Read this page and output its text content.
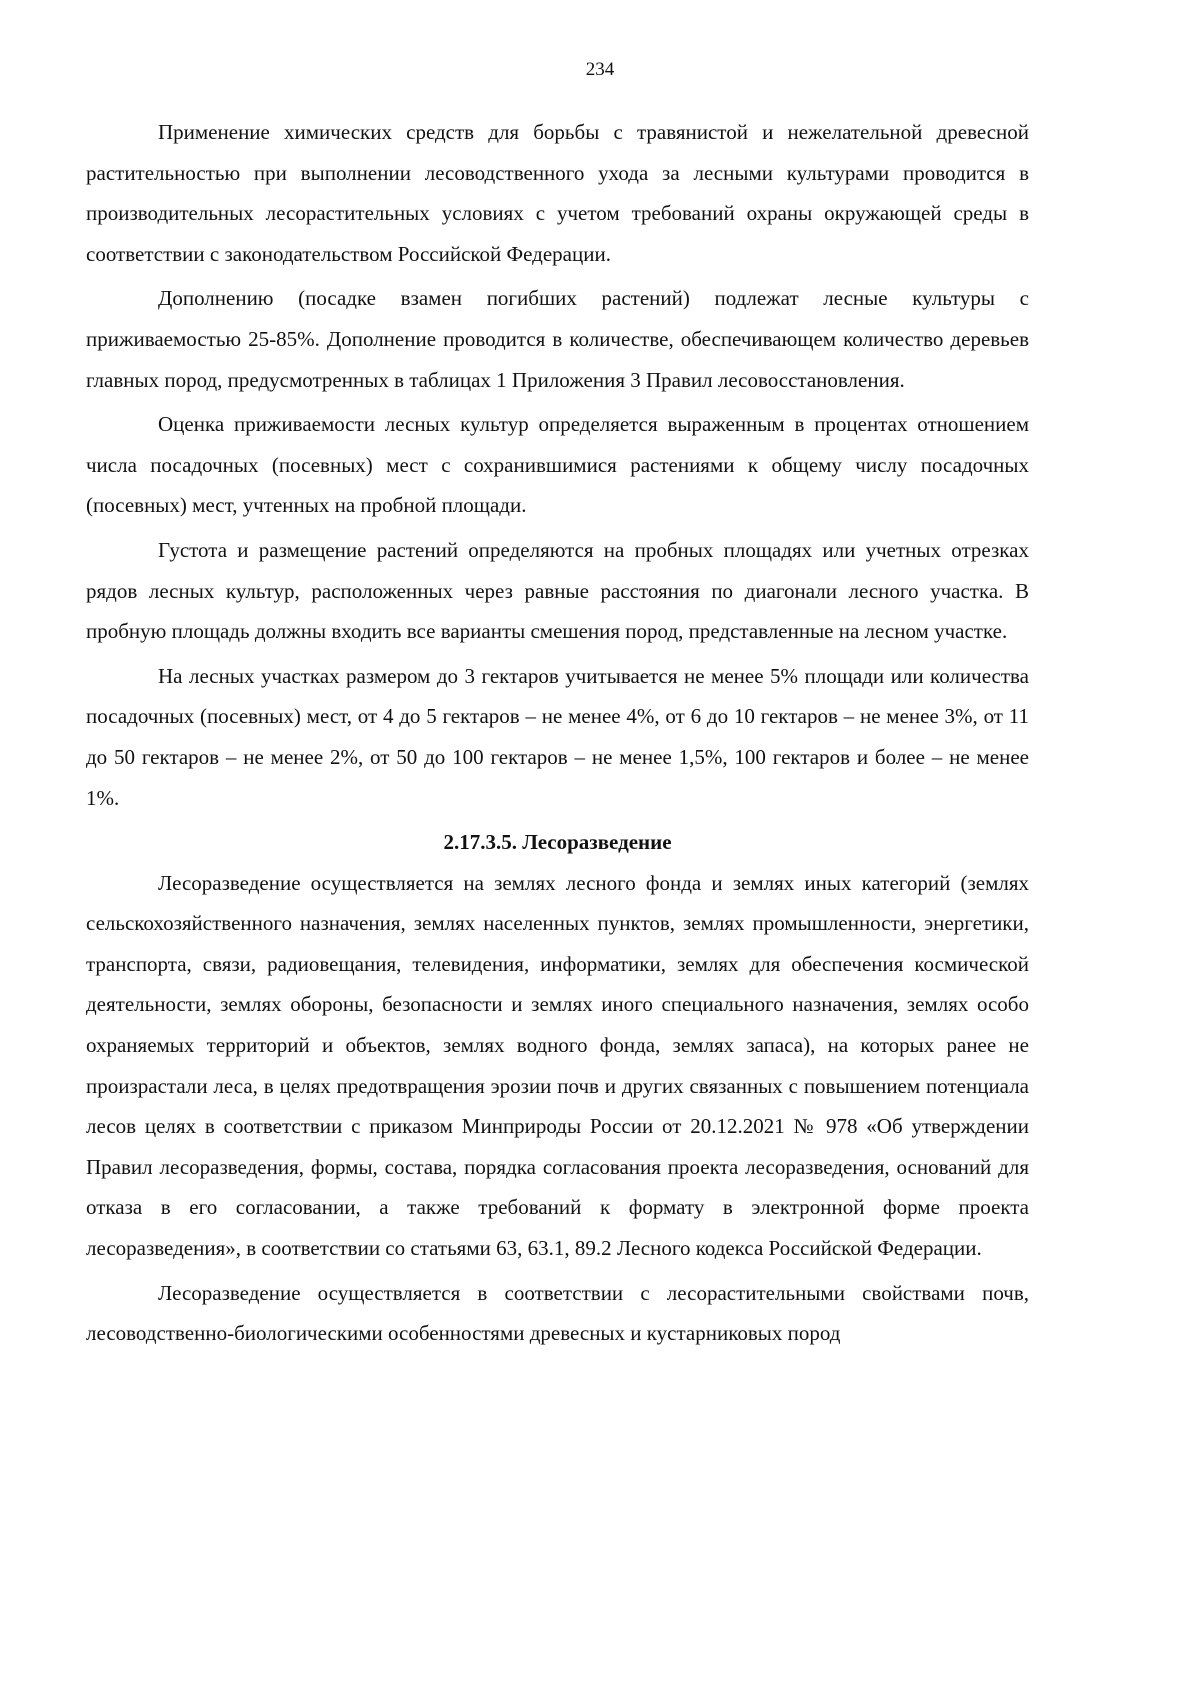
234

Применение химических средств для борьбы с травянистой и нежелательной древесной растительностью при выполнении лесоводственного ухода за лесными культурами проводится в производительных лесорастительных условиях с учетом требований охраны окружающей среды в соответствии с законодательством Российской Федерации.

Дополнению (посадке взамен погибших растений) подлежат лесные культуры с приживаемостью 25-85%. Дополнение проводится в количестве, обеспечивающем количество деревьев главных пород, предусмотренных в таблицах 1 Приложения 3 Правил лесовосстановления.

Оценка приживаемости лесных культур определяется выраженным в процентах отношением числа посадочных (посевных) мест с сохранившимися растениями к общему числу посадочных (посевных) мест, учтенных на пробной площади.

Густота и размещение растений определяются на пробных площадях или учетных отрезках рядов лесных культур, расположенных через равные расстояния по диагонали лесного участка. В пробную площадь должны входить все варианты смешения пород, представленные на лесном участке.

На лесных участках размером до 3 гектаров учитывается не менее 5% площади или количества посадочных (посевных) мест, от 4 до 5 гектаров – не менее 4%, от 6 до 10 гектаров – не менее 3%, от 11 до 50 гектаров – не менее 2%, от 50 до 100 гектаров – не менее 1,5%, 100 гектаров и более – не менее 1%.

2.17.3.5. Лесоразведение

Лесоразведение осуществляется на землях лесного фонда и землях иных категорий (землях сельскохозяйственного назначения, землях населенных пунктов, землях промышленности, энергетики, транспорта, связи, радиовещания, телевидения, информатики, землях для обеспечения космической деятельности, землях обороны, безопасности и землях иного специального назначения, землях особо охраняемых территорий и объектов, землях водного фонда, землях запаса), на которых ранее не произрастали леса, в целях предотвращения эрозии почв и других связанных с повышением потенциала лесов целях в соответствии с приказом Минприроды России от 20.12.2021 № 978 «Об утверждении Правил лесоразведения, формы, состава, порядка согласования проекта лесоразведения, оснований для отказа в его согласовании, а также требований к формату в электронной форме проекта лесоразведения», в соответствии со статьями 63, 63.1, 89.2 Лесного кодекса Российской Федерации.

Лесоразведение осуществляется в соответствии с лесорастительными свойствами почв, лесоводственно-биологическими особенностями древесных и кустарниковых пород
